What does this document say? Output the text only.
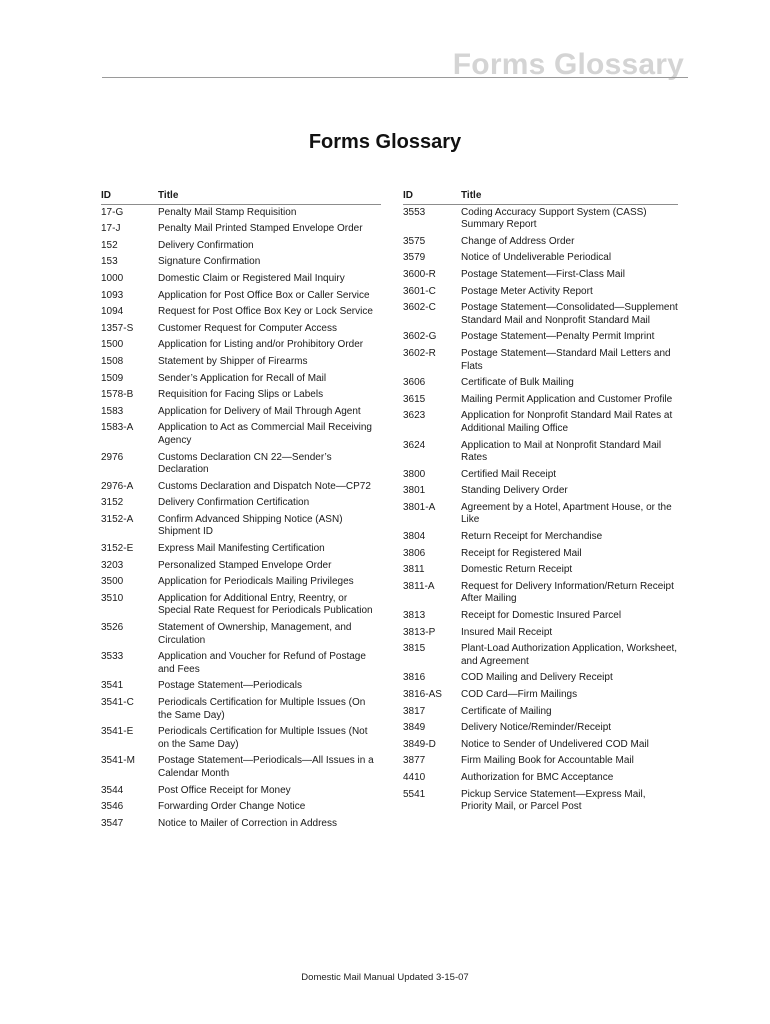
Forms Glossary
Forms Glossary
ID	Title
17-G	Penalty Mail Stamp Requisition
17-J	Penalty Mail Printed Stamped Envelope Order
152	Delivery Confirmation
153	Signature Confirmation
1000	Domestic Claim or Registered Mail Inquiry
1093	Application for Post Office Box or Caller Service
1094	Request for Post Office Box Key or Lock Service
1357-S	Customer Request for Computer Access
1500	Application for Listing and/or Prohibitory Order
1508	Statement by Shipper of Firearms
1509	Sender’s Application for Recall of Mail
1578-B	Requisition for Facing Slips or Labels
1583	Application for Delivery of Mail Through Agent
1583-A	Application to Act as Commercial Mail Receiving Agency
2976	Customs Declaration CN 22—Sender’s Declaration
2976-A	Customs Declaration and Dispatch Note—CP72
3152	Delivery Confirmation Certification
3152-A	Confirm Advanced Shipping Notice (ASN) Shipment ID
3152-E	Express Mail Manifesting Certification
3203	Personalized Stamped Envelope Order
3500	Application for Periodicals Mailing Privileges
3510	Application for Additional Entry, Reentry, or Special Rate Request for Periodicals Publication
3526	Statement of Ownership, Management, and Circulation
3533	Application and Voucher for Refund of Postage and Fees
3541	Postage Statement—Periodicals
3541-C	Periodicals Certification for Multiple Issues (On the Same Day)
3541-E	Periodicals Certification for Multiple Issues (Not on the Same Day)
3541-M	Postage Statement—Periodicals—All Issues in a Calendar Month
3544	Post Office Receipt for Money
3546	Forwarding Order Change Notice
3547	Notice to Mailer of Correction in Address
ID	Title
3553	Coding Accuracy Support System (CASS) Summary Report
3575	Change of Address Order
3579	Notice of Undeliverable Periodical
3600-R	Postage Statement—First-Class Mail
3601-C	Postage Meter Activity Report
3602-C	Postage Statement—Consolidated—Supplement Standard Mail and Nonprofit Standard Mail
3602-G	Postage Statement—Penalty Permit Imprint
3602-R	Postage Statement—Standard Mail Letters and Flats
3606	Certificate of Bulk Mailing
3615	Mailing Permit Application and Customer Profile
3623	Application for Nonprofit Standard Mail Rates at Additional Mailing Office
3624	Application to Mail at Nonprofit Standard Mail Rates
3800	Certified Mail Receipt
3801	Standing Delivery Order
3801-A	Agreement by a Hotel, Apartment House, or the Like
3804	Return Receipt for Merchandise
3806	Receipt for Registered Mail
3811	Domestic Return Receipt
3811-A	Request for Delivery Information/Return Receipt After Mailing
3813	Receipt for Domestic Insured Parcel
3813-P	Insured Mail Receipt
3815	Plant-Load Authorization Application, Worksheet, and Agreement
3816	COD Mailing and Delivery Receipt
3816-AS	COD Card—Firm Mailings
3817	Certificate of Mailing
3849	Delivery Notice/Reminder/Receipt
3849-D	Notice to Sender of Undelivered COD Mail
3877	Firm Mailing Book for Accountable Mail
4410	Authorization for BMC Acceptance
5541	Pickup Service Statement—Express Mail, Priority Mail, or Parcel Post
Domestic Mail Manual Updated 3-15-07
